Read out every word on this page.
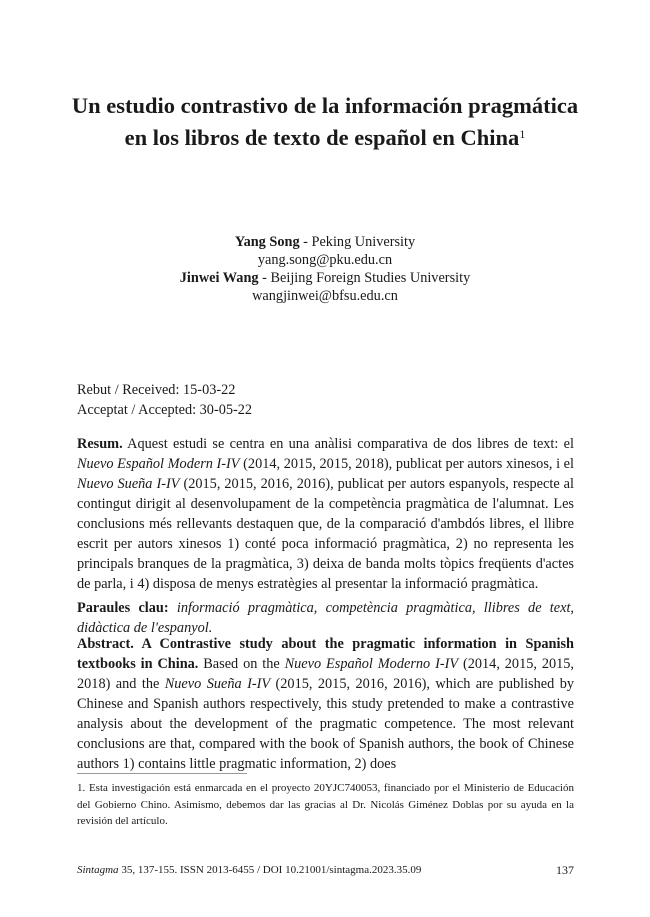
Un estudio contrastivo de la información pragmática
en los libros de texto de español en China$^1$
Yang Song - Peking University
yang.song@pku.edu.cn
Jinwei Wang - Beijing Foreign Studies University
wangjinwei@bfsu.edu.cn
Rebut / Received: 15-03-22
Acceptat / Accepted: 30-05-22

Resum. Aquest estudi se centra en una anàlisi comparativa de dos libres de text: el Nuevo Español Modern I-IV (2014, 2015, 2015, 2018), publicat per autors xinesos, i el Nuevo Sueña I-IV (2015, 2015, 2016, 2016), publicat per autors espanyols, respecte al contingut dirigit al desenvolupament de la competència pragmàtica de l'alumnat. Les conclusions més rellevants destaquen que, de la comparació d'ambdós libres, el llibre escrit per autors xinesos 1) conté poca informació pragmàtica, 2) no representa les principals branques de la pragmàtica, 3) deixa de banda molts tòpics freqüents d'actes de parla, i 4) disposa de menys estratègies al presentar la informació pragmàtica.

Paraules clau: informació pragmàtica, competència pragmàtica, llibres de text, didàctica de l'espanyol.

Abstract. A Contrastive study about the pragmatic information in Spanish textbooks in China. Based on the Nuevo Español Moderno I-IV (2014, 2015, 2015, 2018) and the Nuevo Sueña I-IV (2015, 2015, 2016, 2016), which are published by Chinese and Spanish authors respectively, this study pretended to make a contrastive analysis about the development of the pragmatic competence. The most relevant conclusions are that, compared with the book of Spanish authors, the book of Chinese authors 1) contains little pragmatic information, 2) does

1. Esta investigación está enmarcada en el proyecto 20YJC740053, financiado por el Ministerio de Educación del Gobierno Chino. Asimismo, debemos dar las gracias al Dr. Nicolás Giménez Doblas por su ayuda en la revisión del artículo.

Sintagma 35, 137-155. ISSN 2013-6455 / DOI 10.21001/sintagma.2023.35.09	137
